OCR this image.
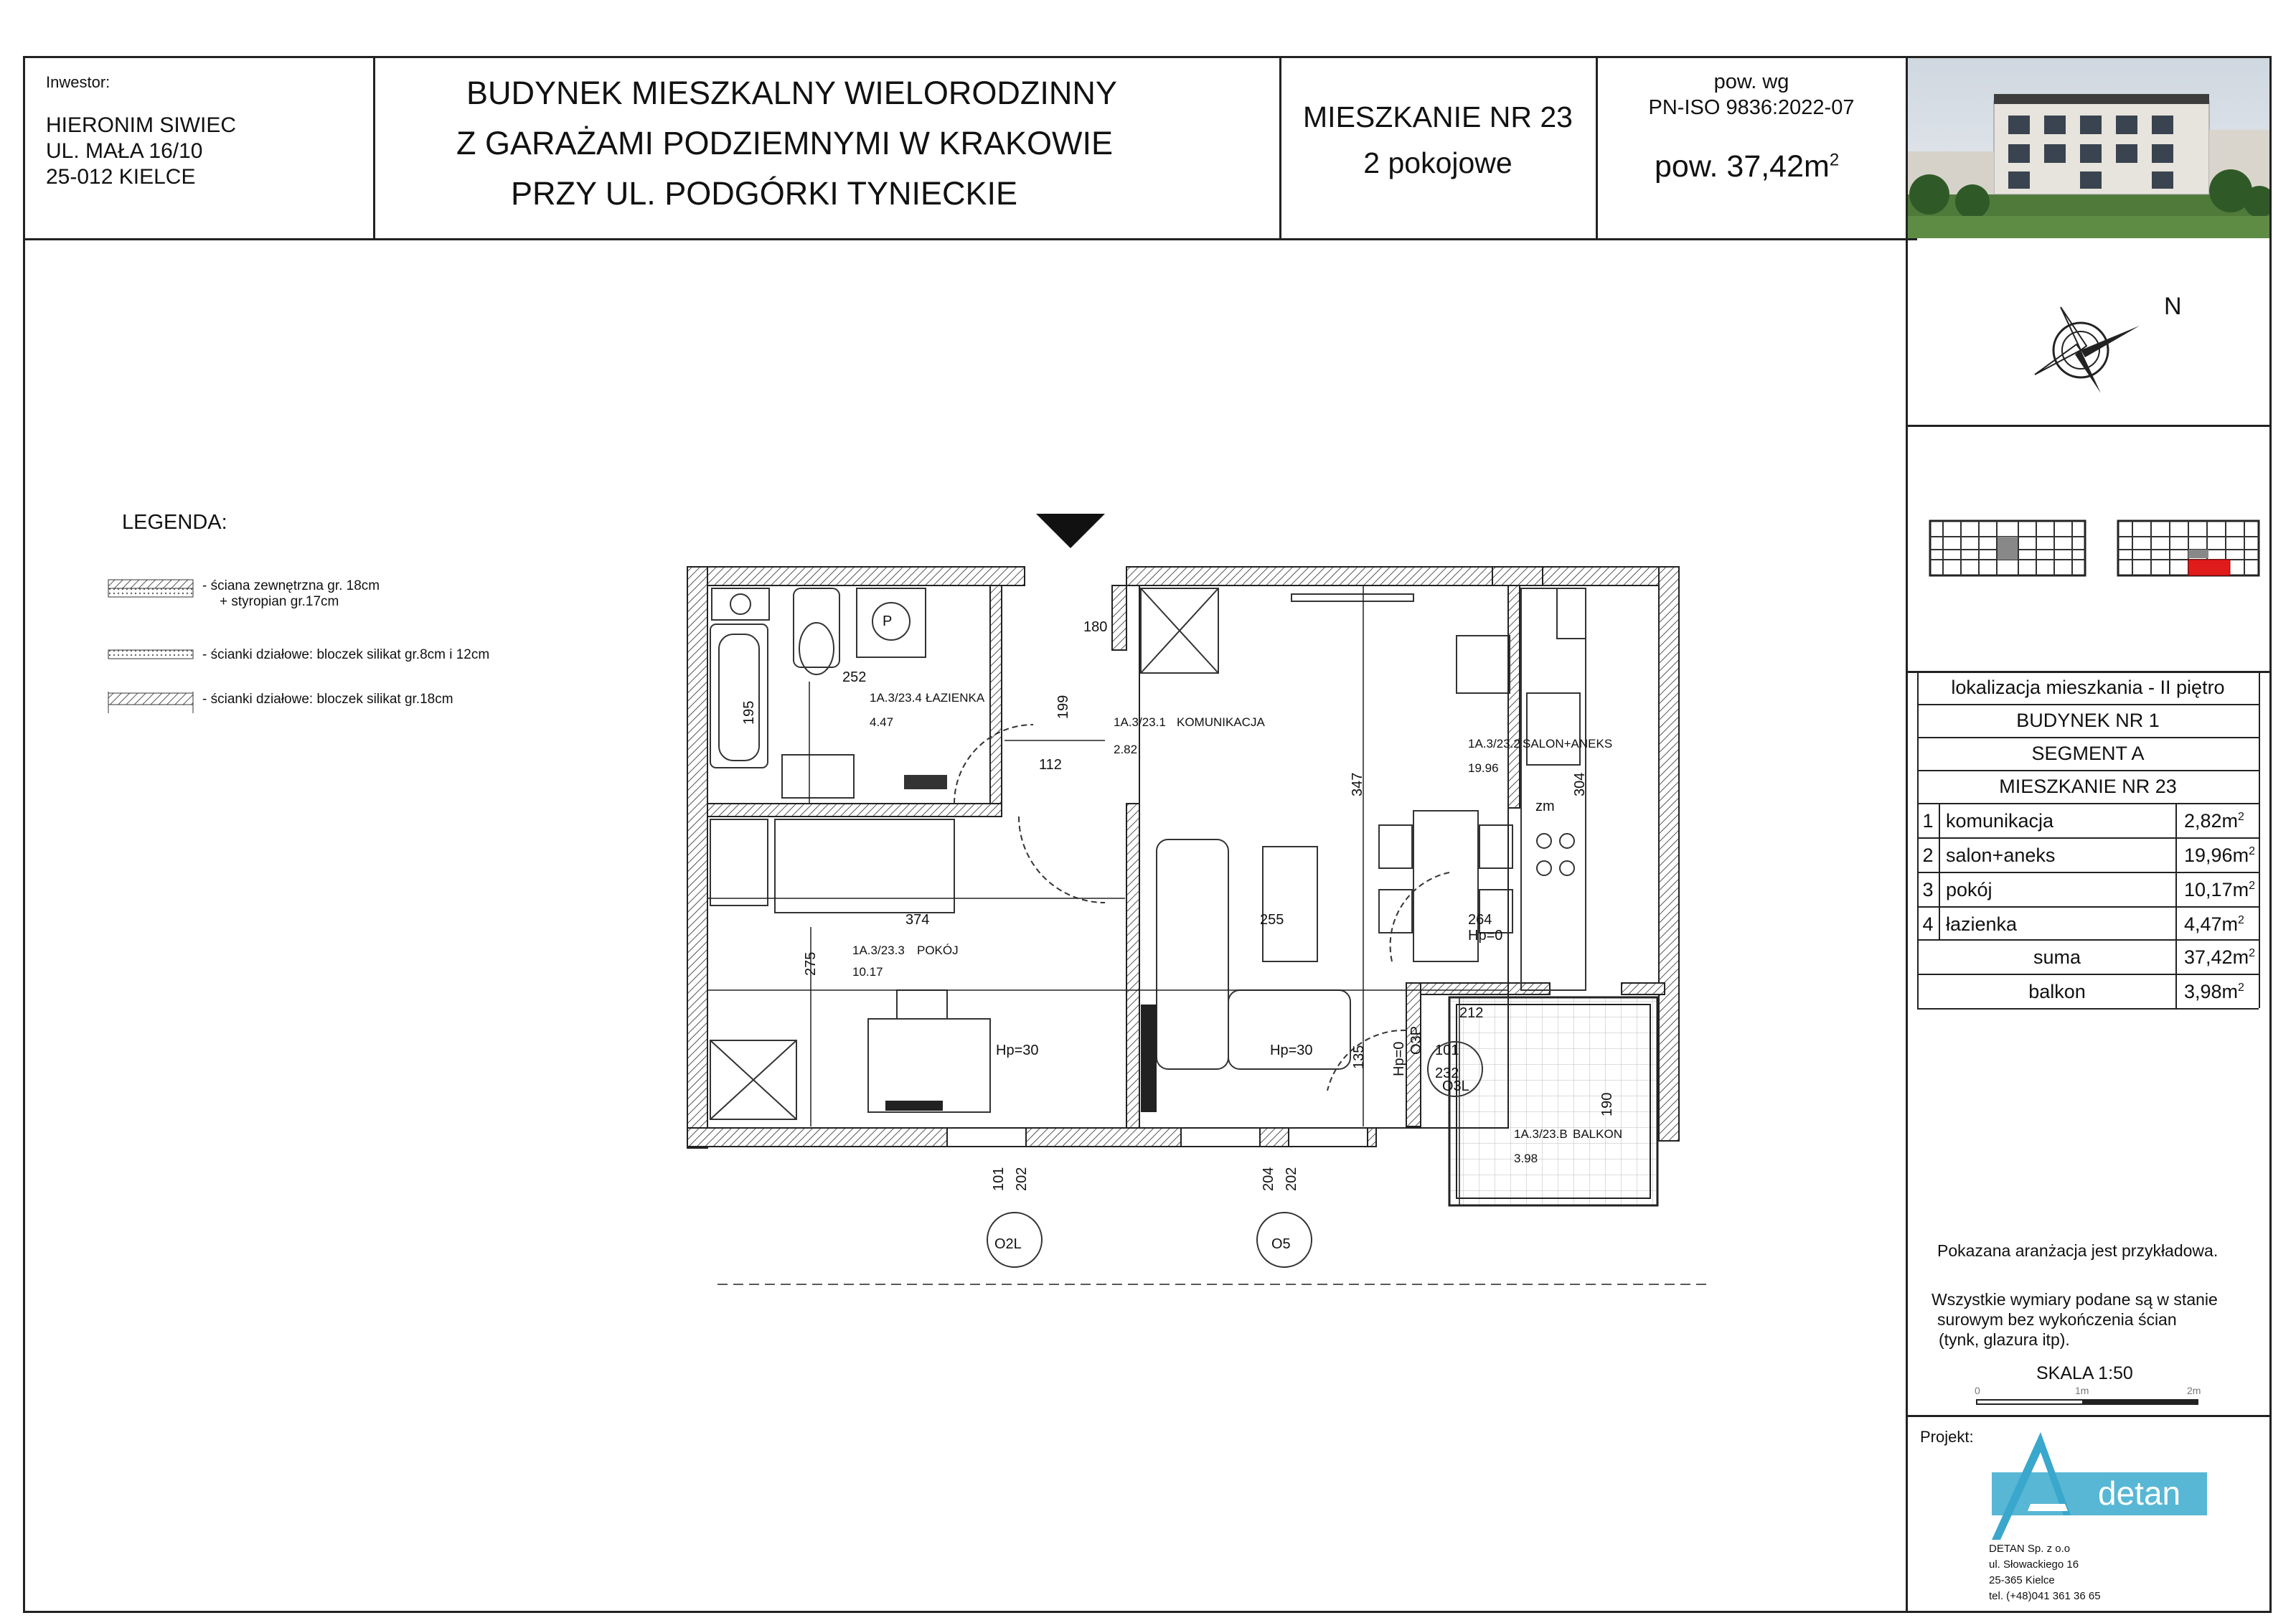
Inwestor:
HIERONIM SIWIEC
UL. MAŁA 16/10
25-012 KIELCE
BUDYNEK MIESZKALNY WIELORODZINNY
Z GARAŻAMI PODZIEMNYMI W KRAKOWIE
PRZY UL. PODGÓRKI TYNIECKIE
MIESZKANIE NR 23
2 pokojowe
pow. wg
PN-ISO 9836:2022-07
pow. $37,42m^2$
N
lokalizacja mieszkania - II piętro
BUDYNEK NR 1
SEGMENT A
MIESZKANIE NR 23
1 komunikacja	$2,82m^2$
2 salon+aneks	$19,96m^2$
3 pokój	$10,17m^2$
4 łazienka	$4,47m^2$
suma	$37,42m^2$
balkon	$3,98m^2$
Pokazana aranżacja jest przykładowa.
Wszystkie wymiary podane są w stanie
surowym bez wykończenia ścian
(tynk, glazura itp).
SKALA 1:50
0	1m	2m
Projekt:
detan
DETAN Sp. z o.o
ul. Słowackiego 16
25-365 Kielce
tel. (+48)041 361 36 65
LEGENDA:
- ściana zewnętrzna gr. 18cm
+ styropian gr.17cm
- ścianki działowe: bloczek silikat gr.8cm i 12cm
- ścianki działowe: bloczek silikat gr.18cm	1A.3/23.4 ŁAZIENKA
4.47	1A.3/23.1 KOMUNIKACJA
2.82	1A.3/23.2 SALON+ANEKS
19.96
1A.3/23.3 POKÓJ
10.17
1A.3/23.B BALKON
3.98
252
195
180
199
112
347	304
374	255	264
Hp=0
275
135 Hp=0
212
101
232
190
101 202	204 202
Hp=30	Hp=30
O2L	O5
O3L
O3P
P
zm
